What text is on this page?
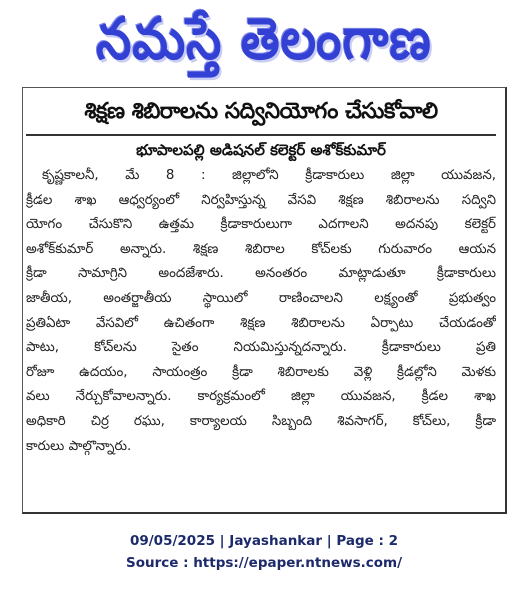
నమస్తే తెలంగాణ
శిక్షణ శిబిరాలను సద్వినియోగం చేసుకోవాలి
భూపాలపల్లి అడిషనల్ కలెక్టర్ అశోక్‌కుమార్
కృష్ణకాలనీ, మే 8 : జిల్లాలోని క్రీడాకారులు జిల్లా యువజన,
క్రీడల శాఖ ఆధ్వర్యంలో నిర్వహిస్తున్న వేసవి శిక్షణ శిబిరాలను సద్విని
యోగం చేసుకొని ఉత్తమ క్రీడాకారులుగా ఎదగాలని అదనపు కలెక్టర్
అశోక్‌కుమార్ అన్నారు. శిక్షణ శిబిరాల కోచ్‌లకు గురువారం ఆయన
క్రీడా సామాగ్రిని అందజేశారు. అనంతరం మాట్లాడుతూ క్రీడాకారులు
జాతీయ, అంతర్జాతీయ స్థాయిలో రాణించాలని లక్ష్యంతో ప్రభుత్వం
ప్రతిఏటా వేసవిలో ఉచితంగా శిక్షణ శిబిరాలను ఏర్పాటు చేయడంతో
పాటు, కోచ్‌లను సైతం నియమిస్తున్నదన్నారు. క్రీడాకారులు ప్రతి
రోజూ ఉదయం, సాయంత్రం క్రీడా శిబిరాలకు వెళ్లి క్రీడల్లోని మెళకు
వలు నేర్చుకోవాలన్నారు. కార్యక్రమంలో జిల్లా యువజన, క్రీడల శాఖ
అధికారి చిర్ర రఘు, కార్యాలయ సిబ్బంది శివసాగర్, కోచ్‌లు, క్రీడా
కారులు పాల్గొన్నారు.
09/05/2025 | Jayashankar | Page : 2
Source : https://epaper.ntnews.com/
